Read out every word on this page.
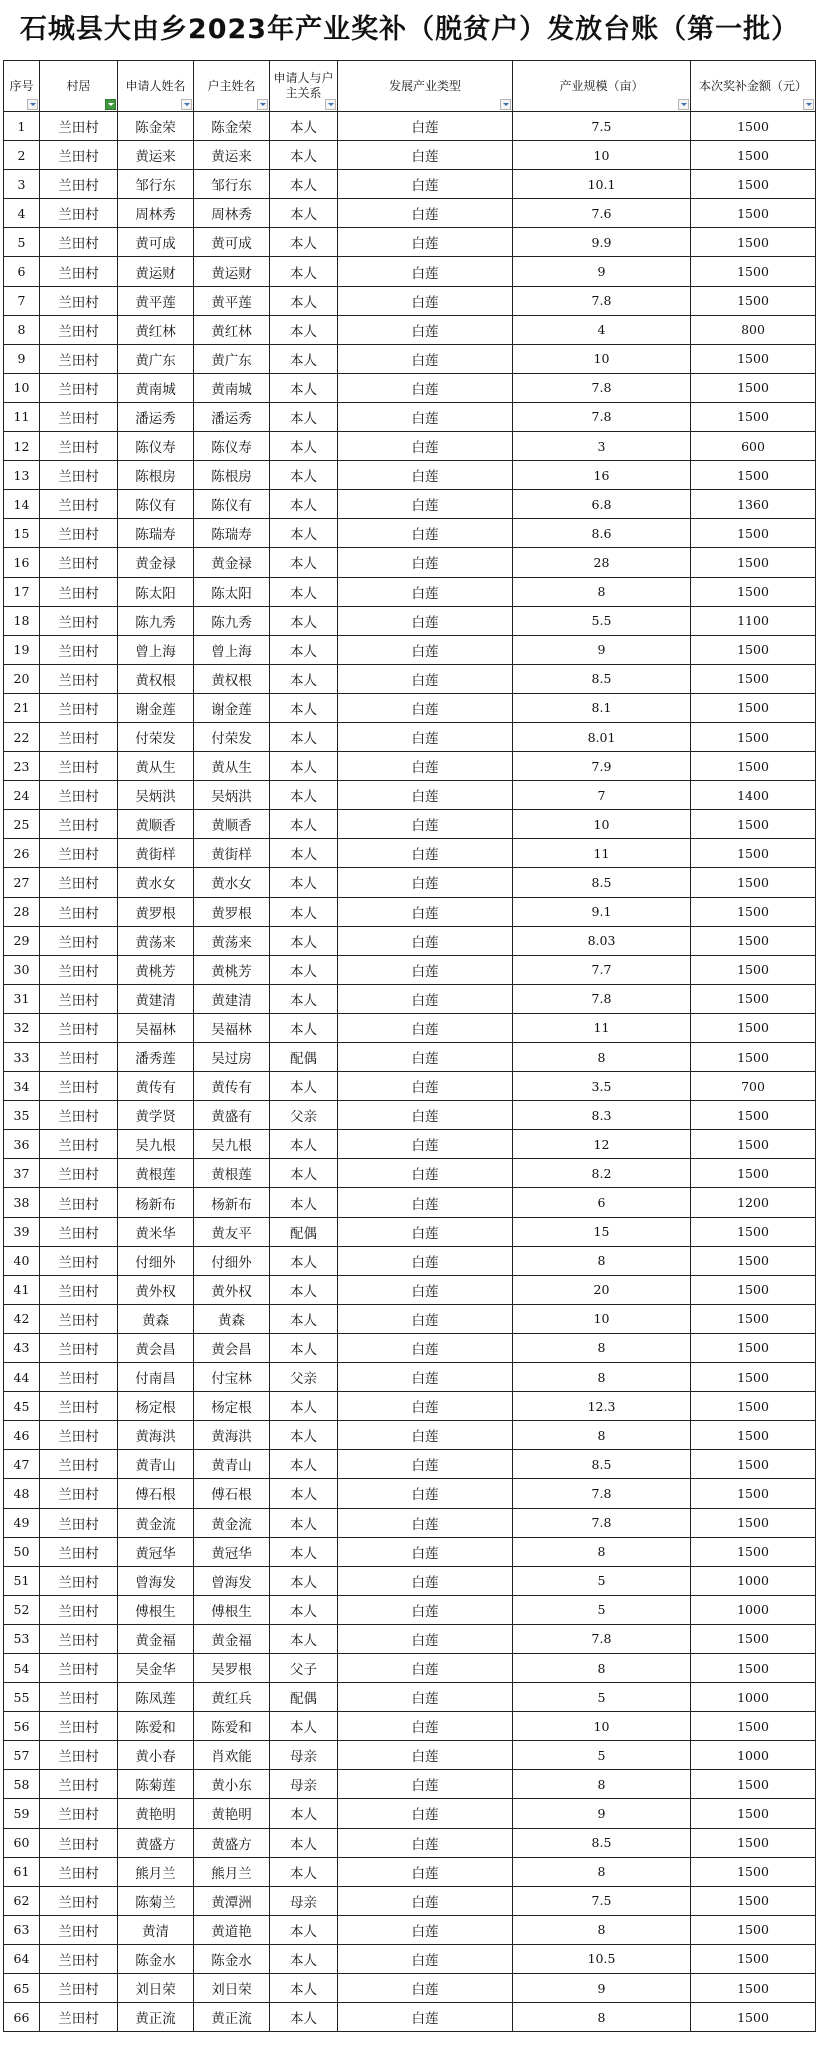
石城县大由乡2023年产业奖补（脱贫户）发放台账（第一批）
序号	村居	申请人姓名	户主姓名	申请人与户主关系	发展产业类型	产业规模（亩）	本次奖补金额（元）

1	兰田村	陈金荣	陈金荣	本人	白莲	7.5	1500
2	兰田村	黄运来	黄运来	本人	白莲	10	1500
3	兰田村	邹行东	邹行东	本人	白莲	10.1	1500
4	兰田村	周林秀	周林秀	本人	白莲	7.6	1500
5	兰田村	黄可成	黄可成	本人	白莲	9.9	1500
6	兰田村	黄运财	黄运财	本人	白莲	9	1500
7	兰田村	黄平莲	黄平莲	本人	白莲	7.8	1500
8	兰田村	黄红林	黄红林	本人	白莲	4	800
9	兰田村	黄广东	黄广东	本人	白莲	10	1500
10	兰田村	黄南城	黄南城	本人	白莲	7.8	1500
11	兰田村	潘运秀	潘运秀	本人	白莲	7.8	1500
12	兰田村	陈仪寿	陈仪寿	本人	白莲	3	600
13	兰田村	陈根房	陈根房	本人	白莲	16	1500
14	兰田村	陈仪有	陈仪有	本人	白莲	6.8	1360
15	兰田村	陈瑞寿	陈瑞寿	本人	白莲	8.6	1500
16	兰田村	黄金禄	黄金禄	本人	白莲	28	1500
17	兰田村	陈太阳	陈太阳	本人	白莲	8	1500
18	兰田村	陈九秀	陈九秀	本人	白莲	5.5	1100
19	兰田村	曾上海	曾上海	本人	白莲	9	1500
20	兰田村	黄权根	黄权根	本人	白莲	8.5	1500
21	兰田村	谢金莲	谢金莲	本人	白莲	8.1	1500
22	兰田村	付荣发	付荣发	本人	白莲	8.01	1500
23	兰田村	黄从生	黄从生	本人	白莲	7.9	1500
24	兰田村	吴炳洪	吴炳洪	本人	白莲	7	1400
25	兰田村	黄顺香	黄顺香	本人	白莲	10	1500
26	兰田村	黄街样	黄街样	本人	白莲	11	1500
27	兰田村	黄水女	黄水女	本人	白莲	8.5	1500
28	兰田村	黄罗根	黄罗根	本人	白莲	9.1	1500
29	兰田村	黄荡来	黄荡来	本人	白莲	8.03	1500
30	兰田村	黄桃芳	黄桃芳	本人	白莲	7.7	1500
31	兰田村	黄建清	黄建清	本人	白莲	7.8	1500
32	兰田村	吴福林	吴福林	本人	白莲	11	1500
33	兰田村	潘秀莲	吴过房	配偶	白莲	8	1500
34	兰田村	黄传有	黄传有	本人	白莲	3.5	700
35	兰田村	黄学贤	黄盛有	父亲	白莲	8.3	1500
36	兰田村	吴九根	吴九根	本人	白莲	12	1500
37	兰田村	黄根莲	黄根莲	本人	白莲	8.2	1500
38	兰田村	杨新布	杨新布	本人	白莲	6	1200
39	兰田村	黄米华	黄友平	配偶	白莲	15	1500
40	兰田村	付细外	付细外	本人	白莲	8	1500
41	兰田村	黄外权	黄外权	本人	白莲	20	1500
42	兰田村	黄森	黄森	本人	白莲	10	1500
43	兰田村	黄会昌	黄会昌	本人	白莲	8	1500
44	兰田村	付南昌	付宝林	父亲	白莲	8	1500
45	兰田村	杨定根	杨定根	本人	白莲	12.3	1500
46	兰田村	黄海洪	黄海洪	本人	白莲	8	1500
47	兰田村	黄青山	黄青山	本人	白莲	8.5	1500
48	兰田村	傅石根	傅石根	本人	白莲	7.8	1500
49	兰田村	黄金流	黄金流	本人	白莲	7.8	1500
50	兰田村	黄冠华	黄冠华	本人	白莲	8	1500
51	兰田村	曾海发	曾海发	本人	白莲	5	1000
52	兰田村	傅根生	傅根生	本人	白莲	5	1000
53	兰田村	黄金福	黄金福	本人	白莲	7.8	1500
54	兰田村	吴金华	吴罗根	父子	白莲	8	1500
55	兰田村	陈凤莲	黄红兵	配偶	白莲	5	1000
56	兰田村	陈爱和	陈爱和	本人	白莲	10	1500
57	兰田村	黄小春	肖欢能	母亲	白莲	5	1000
58	兰田村	陈菊莲	黄小东	母亲	白莲	8	1500
59	兰田村	黄艳明	黄艳明	本人	白莲	9	1500
60	兰田村	黄盛方	黄盛方	本人	白莲	8.5	1500
61	兰田村	熊月兰	熊月兰	本人	白莲	8	1500
62	兰田村	陈菊兰	黄潭洲	母亲	白莲	7.5	1500
63	兰田村	黄清	黄道艳	本人	白莲	8	1500
64	兰田村	陈金水	陈金水	本人	白莲	10.5	1500
65	兰田村	刘日荣	刘日荣	本人	白莲	9	1500
66	兰田村	黄正流	黄正流	本人	白莲	8	1500
